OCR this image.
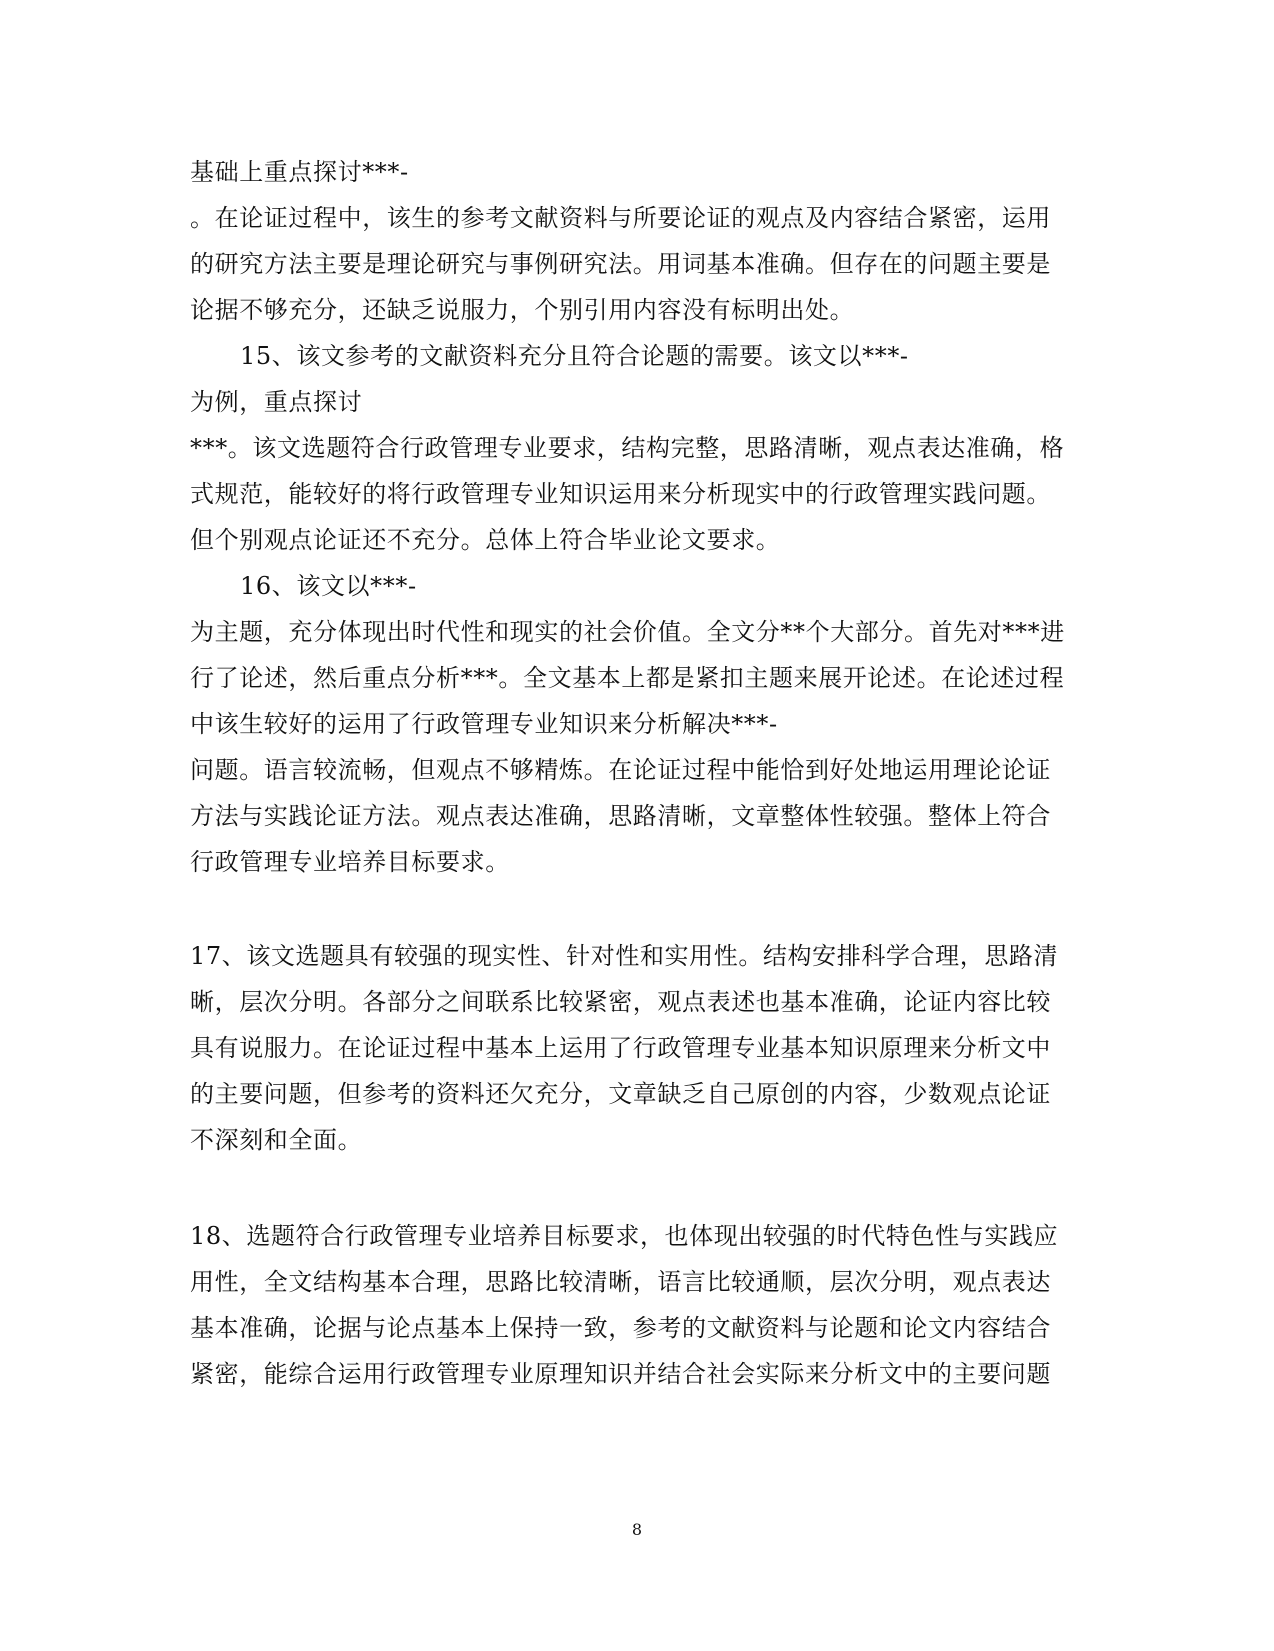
基础上重点探讨***-
。在论证过程中，该生的参考文献资料与所要论证的观点及内容结合紧密，运用
的研究方法主要是理论研究与事例研究法。用词基本准确。但存在的问题主要是
论据不够充分，还缺乏说服力，个别引用内容没有标明出处。
15、该文参考的文献资料充分且符合论题的需要。该文以***-
为例，重点探讨
***。该文选题符合行政管理专业要求，结构完整，思路清晰，观点表达准确，格
式规范，能较好的将行政管理专业知识运用来分析现实中的行政管理实践问题。
但个别观点论证还不充分。总体上符合毕业论文要求。
16、该文以***-
为主题，充分体现出时代性和现实的社会价值。全文分**个大部分。首先对***进
行了论述，然后重点分析***。全文基本上都是紧扣主题来展开论述。在论述过程
中该生较好的运用了行政管理专业知识来分析解决***-
问题。语言较流畅，但观点不够精炼。在论证过程中能恰到好处地运用理论论证
方法与实践论证方法。观点表达准确，思路清晰，文章整体性较强。整体上符合
行政管理专业培养目标要求。
17、该文选题具有较强的现实性、针对性和实用性。结构安排科学合理，思路清
晰，层次分明。各部分之间联系比较紧密，观点表述也基本准确，论证内容比较
具有说服力。在论证过程中基本上运用了行政管理专业基本知识原理来分析文中
的主要问题，但参考的资料还欠充分，文章缺乏自己原创的内容，少数观点论证
不深刻和全面。
18、选题符合行政管理专业培养目标要求，也体现出较强的时代特色性与实践应
用性，全文结构基本合理，思路比较清晰，语言比较通顺，层次分明，观点表达
基本准确，论据与论点基本上保持一致，参考的文献资料与论题和论文内容结合
紧密，能综合运用行政管理专业原理知识并结合社会实际来分析文中的主要问题
8
